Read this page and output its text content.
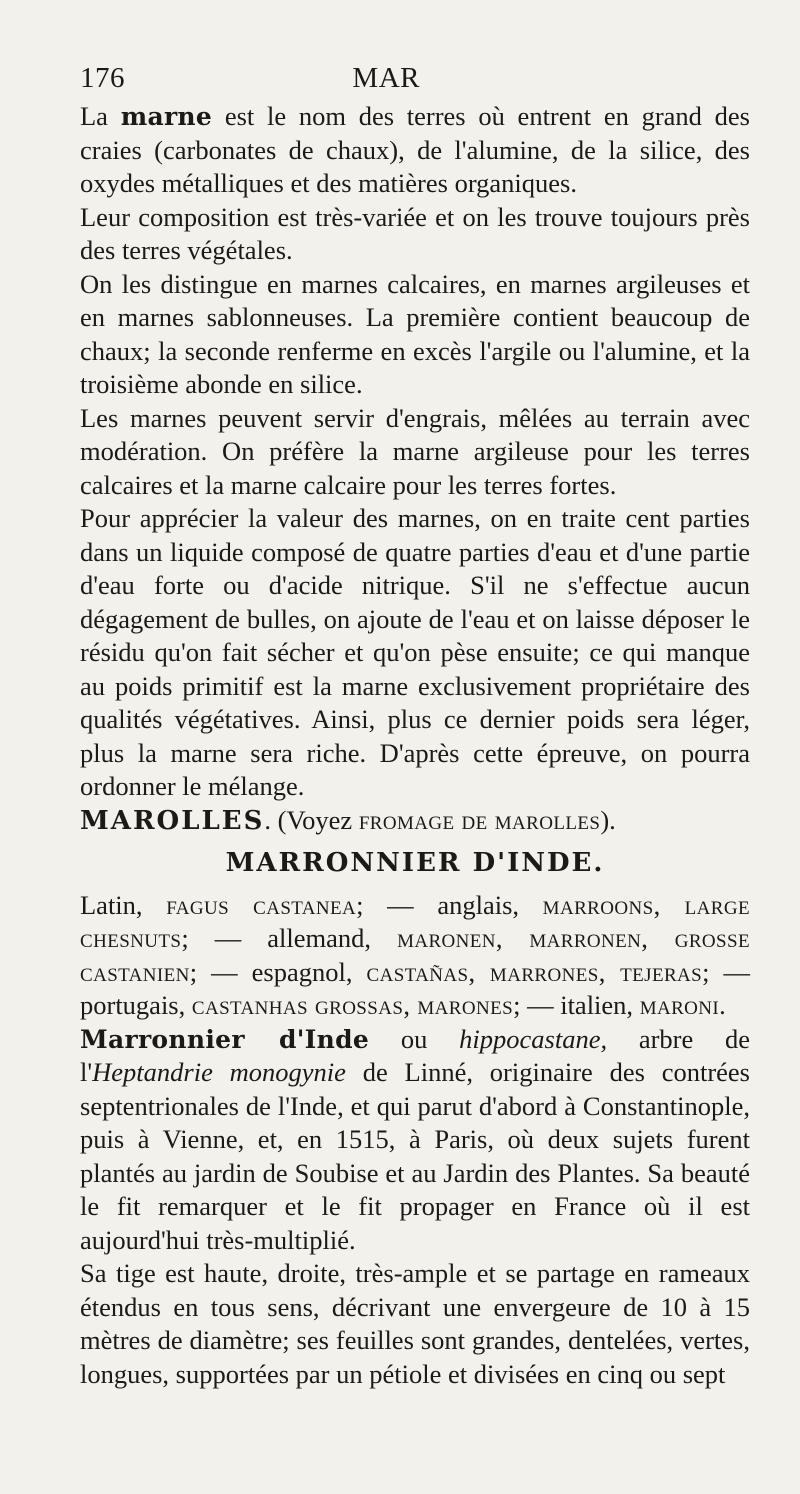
176	MAR

La marne est le nom des terres où entrent en grand des craies (carbonates de chaux), de l'alumine, de la silice, des oxydes métalliques et des matières organiques.

Leur composition est très-variée et on les trouve toujours près des terres végétales.

On les distingue en marnes calcaires, en marnes argileuses et en marnes sablonneuses. La première contient beaucoup de chaux; la seconde renferme en excès l'argile ou l'alumine, et la troisième abonde en silice.

Les marnes peuvent servir d'engrais, mêlées au terrain avec modération. On préfère la marne argileuse pour les terres calcaires et la marne calcaire pour les terres fortes.

Pour apprécier la valeur des marnes, on en traite cent parties dans un liquide composé de quatre parties d'eau et d'une partie d'eau forte ou d'acide nitrique. S'il ne s'effectue aucun dégagement de bulles, on ajoute de l'eau et on laisse déposer le résidu qu'on fait sécher et qu'on pèse ensuite; ce qui manque au poids primitif est la marne exclusivement propriétaire des qualités végétatives. Ainsi, plus ce dernier poids sera léger, plus la marne sera riche. D'après cette épreuve, on pourra ordonner le mélange.

MAROLLES. (Voyez fromage de marolles).

MARRONNIER D'INDE.

Latin, fagus castanea; — anglais, marroons, large chesnuts; — allemand, maronen, marronen, grosse castanien; — espagnol, castañas, marrones, tejeras; — portugais, castanhas grossas, marones; — italien, maroni.

Marronnier d'Inde ou hippocastane, arbre de l'Heptandrie monogynie de Linné, originaire des contrées septentrionales de l'Inde, et qui parut d'abord à Constantinople, puis à Vienne, et, en 1515, à Paris, où deux sujets furent plantés au jardin de Soubise et au Jardin des Plantes. Sa beauté le fit remarquer et le fit propager en France où il est aujourd'hui très-multiplié.

Sa tige est haute, droite, très-ample et se partage en rameaux étendus en tous sens, décrivant une envergeure de 10 à 15 mètres de diamètre; ses feuilles sont grandes, dentelées, vertes, longues, supportées par un pétiole et divisées en cinq ou sept
